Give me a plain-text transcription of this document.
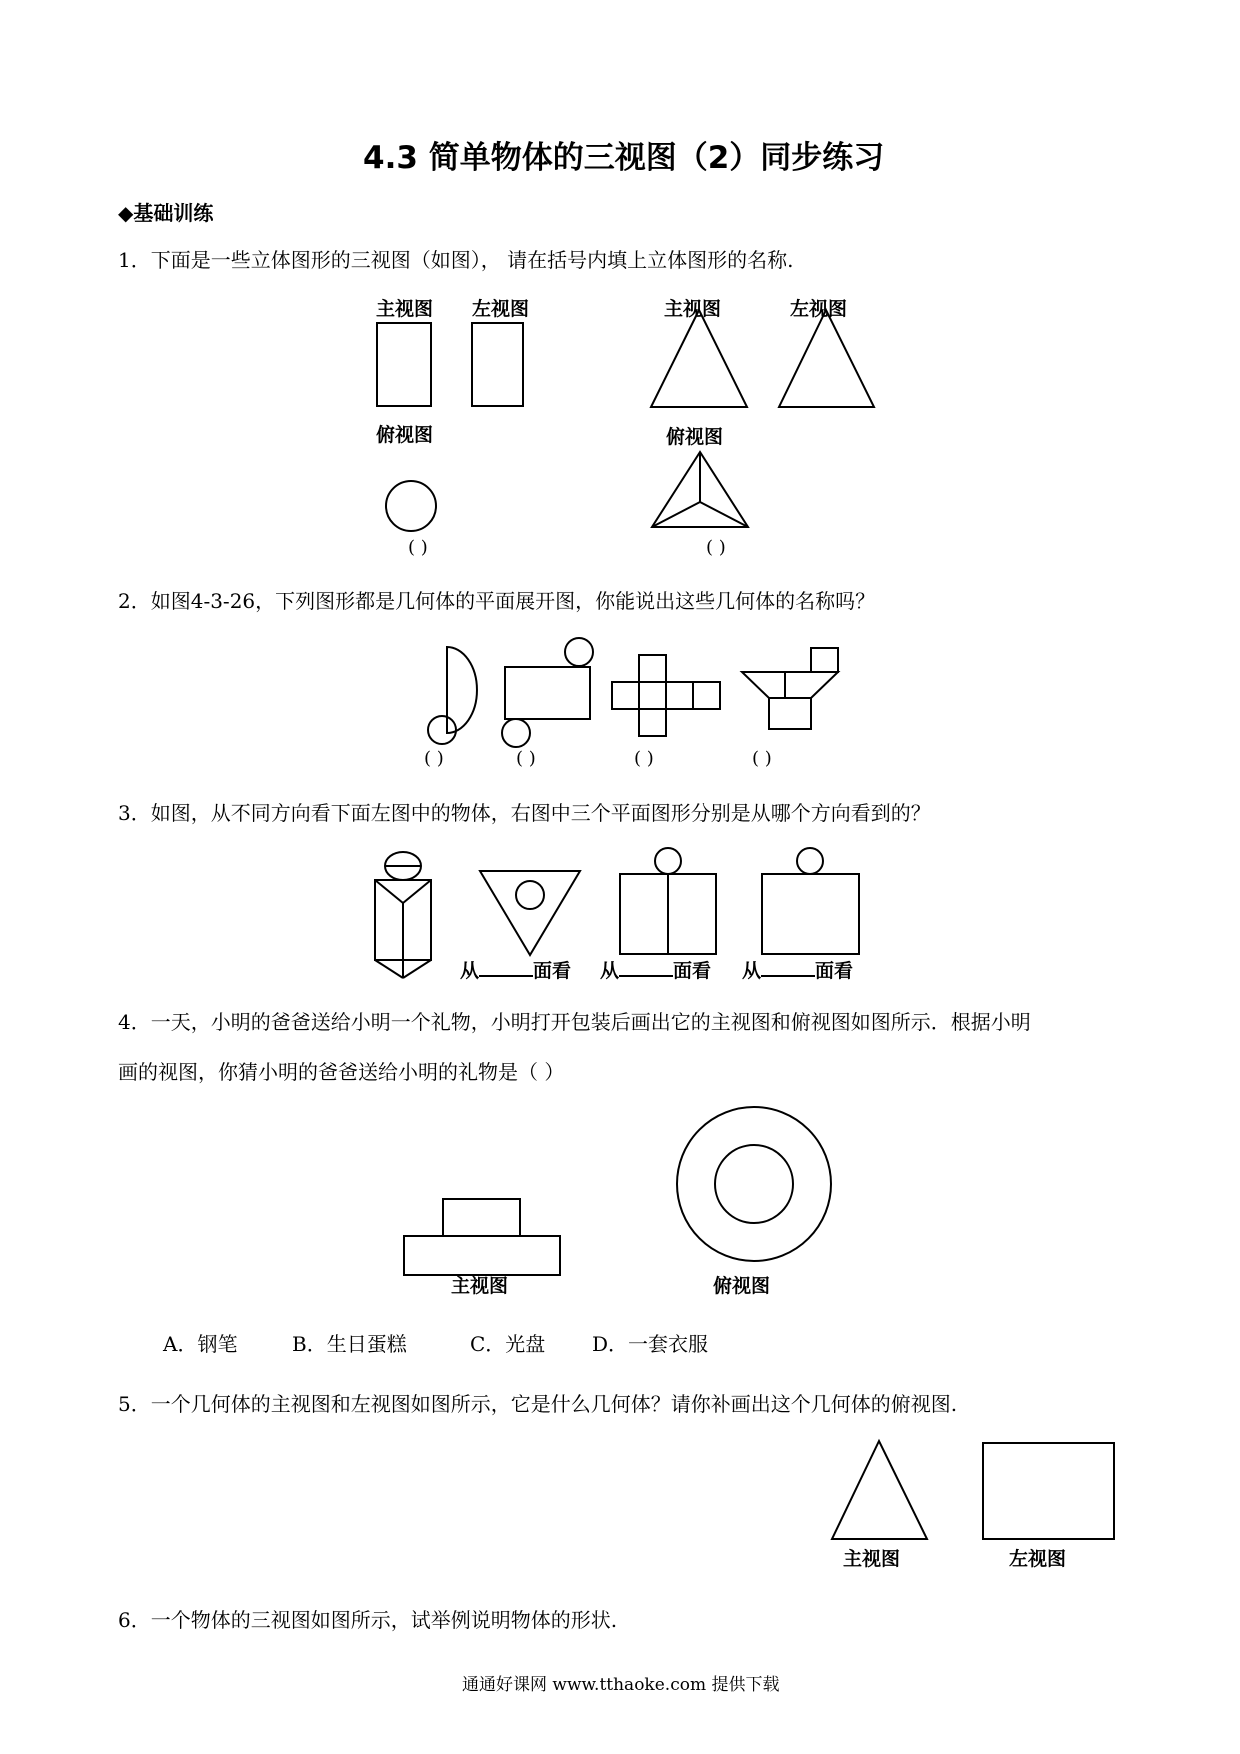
4.3 简单物体的三视图（2）同步练习
◆基础训练
1．下面是一些立体图形的三视图（如图）， 请在括号内填上立体图形的名称.
主视图 左视图
俯视图
主视图	左视图
俯视图
( )	( )
2．如图4-3-26，下列图形都是几何体的平面展开图，你能说出这些几何体的名称吗？
( )	( )	( )	( )
3．如图，从不同方向看下面左图中的物体，右图中三个平面图形分别是从哪个方向看到的？
从	面看 从	面看 从	面看
4．一天，小明的爸爸送给小明一个礼物，小明打开包装后画出它的主视图和俯视图如图所示．根据小明
画的视图，你猜小明的爸爸送给小明的礼物是（ ）
主视图	俯视图
A．钢笔	B．生日蛋糕	C．光盘 D．一套衣服
5．一个几何体的主视图和左视图如图所示，它是什么几何体？请你补画出这个几何体的俯视图.
主视图	左视图
6．一个物体的三视图如图所示，试举例说明物体的形状.
通通好课网 www.tthaoke.com 提供下载
